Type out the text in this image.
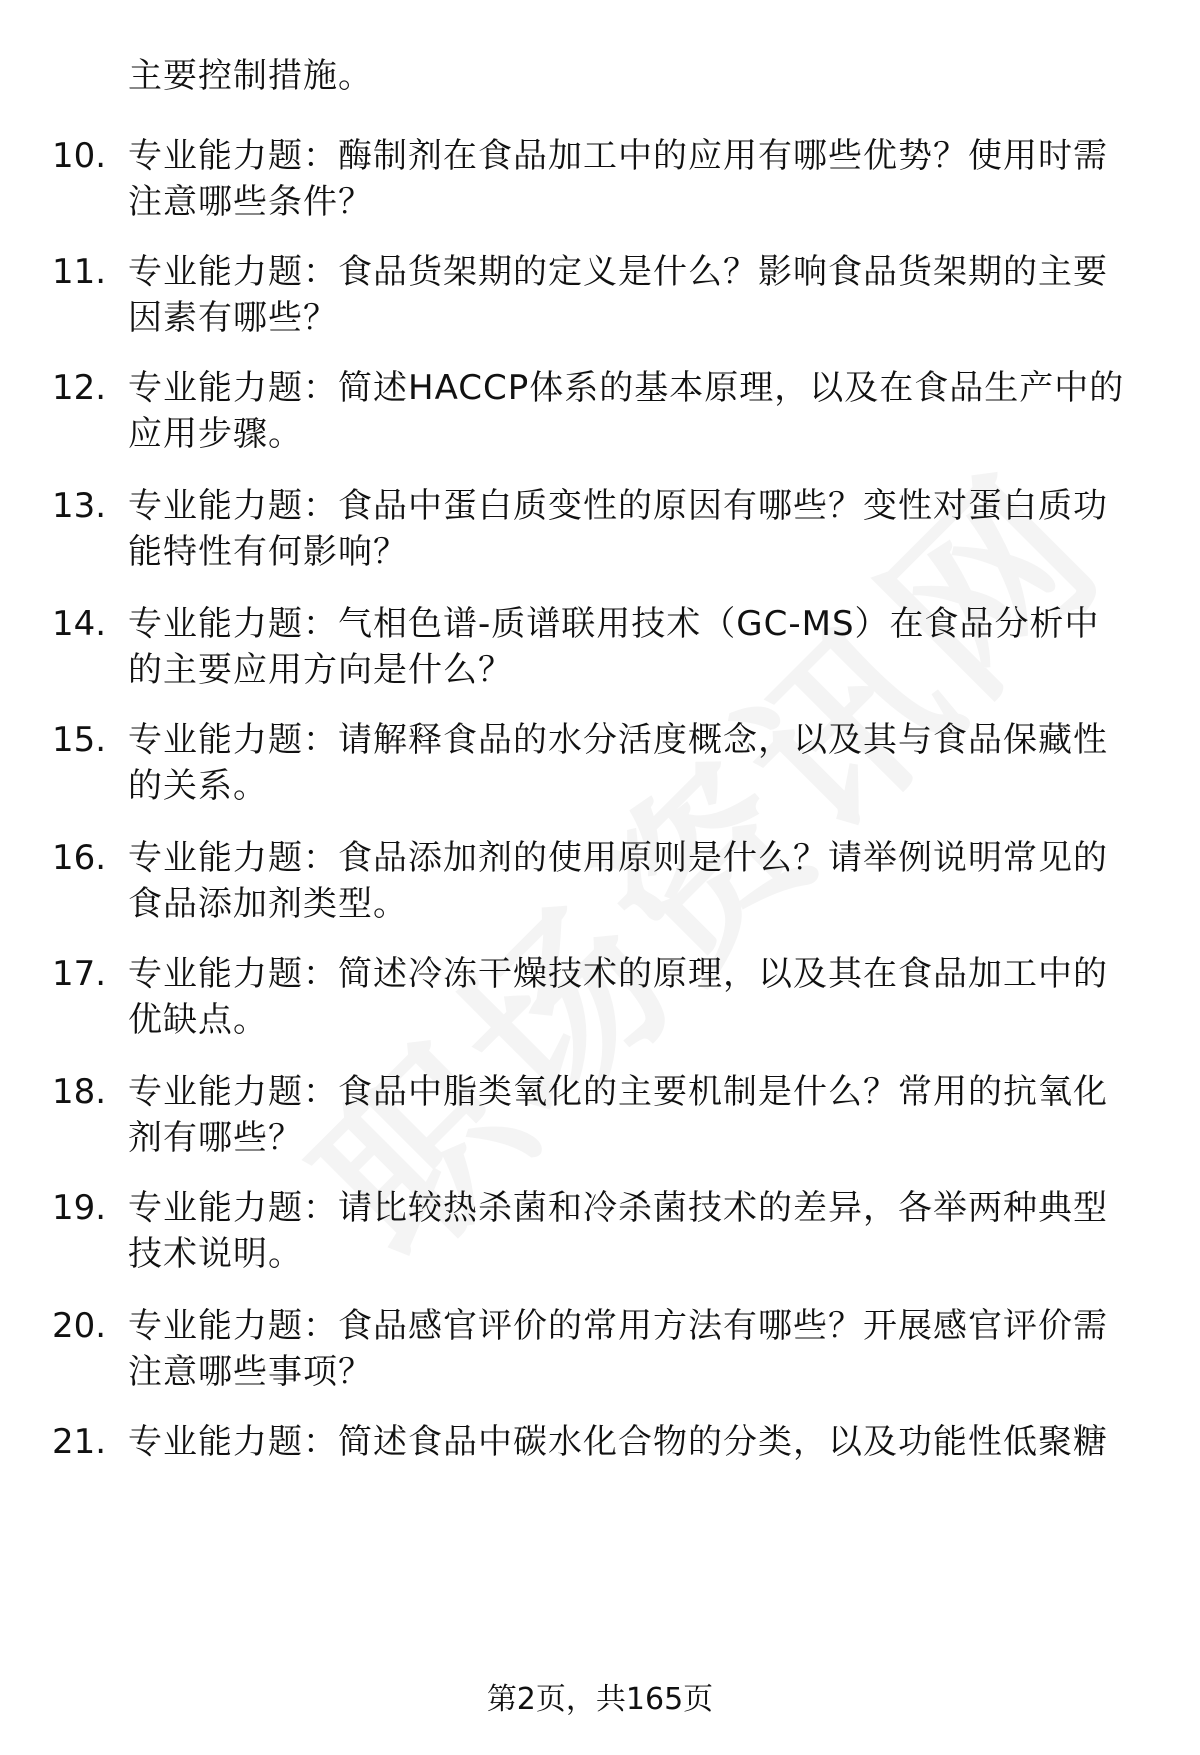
主要控制措施。
10. 专业能力题：酶制剂在食品加工中的应用有哪些优势？使用时需
注意哪些条件？
11. 专业能力题：食品货架期的定义是什么？影响食品货架期的主要
因素有哪些？
12. 专业能力题：简述HACCP体系的基本原理，以及在食品生产中的
应用步骤。
13. 专业能力题：食品中蛋白质变性的原因有哪些？变性对蛋白质功
能特性有何影响？
14. 专业能力题：气相色谱-质谱联用技术（GC-MS）在食品分析中
的主要应用方向是什么？
15. 专业能力题：请解释食品的水分活度概念，以及其与食品保藏性
的关系。
16. 专业能力题：食品添加剂的使用原则是什么？请举例说明常见的
食品添加剂类型。
17. 专业能力题：简述冷冻干燥技术的原理，以及其在食品加工中的
优缺点。
18. 专业能力题：食品中脂类氧化的主要机制是什么？常用的抗氧化
剂有哪些？
19. 专业能力题：请比较热杀菌和冷杀菌技术的差异，各举两种典型
技术说明。
20. 专业能力题：食品感官评价的常用方法有哪些？开展感官评价需
注意哪些事项？
21. 专业能力题：简述食品中碳水化合物的分类，以及功能性低聚糖
第2页，共165页
